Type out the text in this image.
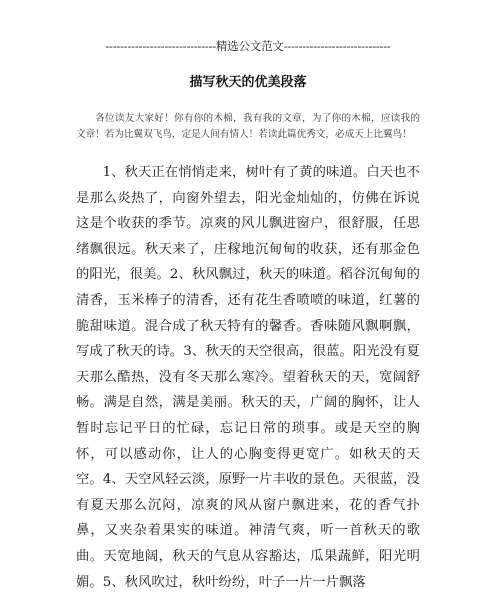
------------------------------精选公文范文-----------------------------
描写秋天的优美段落
各位读友大家好！你有你的木棉，我有我的文章，为了你的木棉，应读我的文章！若为比翼双飞鸟，定是人间有情人！若读此篇优秀文，必成天上比翼鸟！
1、秋天正在悄悄走来，树叶有了黄的味道。白天也不是那么炎热了，向窗外望去，阳光金灿灿的，仿佛在诉说这是个收获的季节。凉爽的风儿飘进窗户，很舒服，任思绪飘很远。秋天来了，庄稼地沉甸甸的收获，还有那金色的阳光，很美。2、秋风飘过，秋天的味道。稻谷沉甸甸的清香，玉米棒子的清香，还有花生香喷喷的味道，红薯的脆甜味道。混合成了秋天特有的馨香。香味随风飘啊飘，写成了秋天的诗。3、秋天的天空很高，很蓝。阳光没有夏天那么酷热，没有冬天那么寒冷。望着秋天的天，宽阔舒畅。满是自然，满是美丽。秋天的天，广阔的胸怀，让人暂时忘记平日的忙碌，忘记日常的琐事。或是天空的胸怀，可以感动你，让人的心胸变得更宽广。如秋天的天空。4、天空风轻云淡，原野一片丰收的景色。天很蓝，没有夏天那么沉闷，凉爽的风从窗户飘进来，花的香气扑鼻，又夹杂着果实的味道。神清气爽，听一首秋天的歌曲。天宽地阔，秋天的气息从容豁达，瓜果蔬鲜，阳光明媚。5、秋风吹过，秋叶纷纷，叶子一片一片飘落
